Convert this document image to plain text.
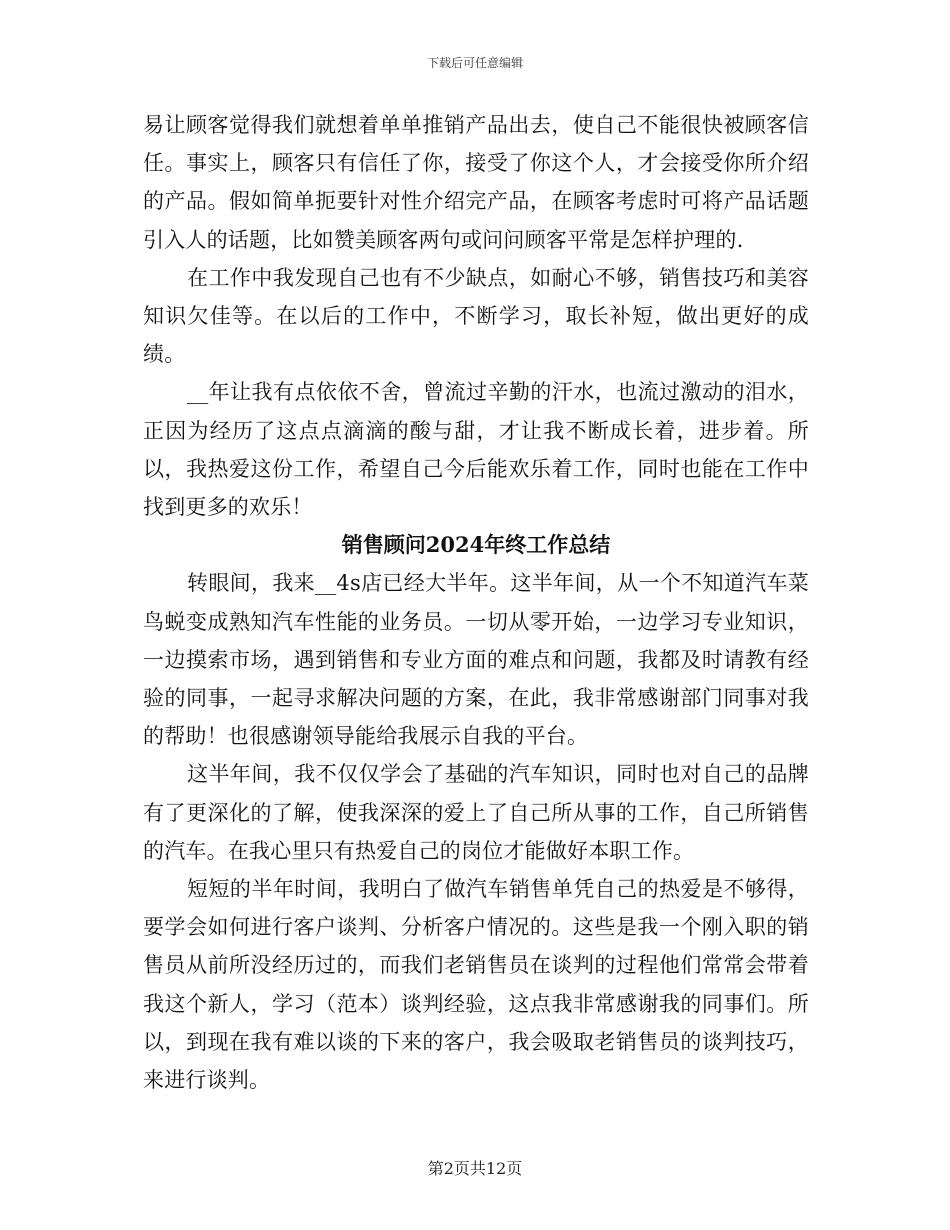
下载后可任意编辑

易让顾客觉得我们就想着单单推销产品出去，使自己不能很快被顾客信任。事实上，顾客只有信任了你，接受了你这个人，才会接受你所介绍的产品。假如简单扼要针对性介绍完产品，在顾客考虑时可将产品话题引入人的话题，比如赞美顾客两句或问问顾客平常是怎样护理的.

在工作中我发现自己也有不少缺点，如耐心不够，销售技巧和美容知识欠佳等。在以后的工作中，不断学习，取长补短，做出更好的成绩。

__年让我有点依依不舍，曾流过辛勤的汗水，也流过激动的泪水，正因为经历了这点点滴滴的酸与甜，才让我不断成长着，进步着。所以，我热爱这份工作，希望自己今后能欢乐着工作，同时也能在工作中找到更多的欢乐！

销售顾问2024年终工作总结

转眼间，我来__4s店已经大半年。这半年间，从一个不知道汽车菜鸟蜕变成熟知汽车性能的业务员。一切从零开始，一边学习专业知识，一边摸索市场，遇到销售和专业方面的难点和问题，我都及时请教有经验的同事，一起寻求解决问题的方案，在此，我非常感谢部门同事对我的帮助！也很感谢领导能给我展示自我的平台。

这半年间，我不仅仅学会了基础的汽车知识，同时也对自己的品牌有了更深化的了解，使我深深的爱上了自己所从事的工作，自己所销售的汽车。在我心里只有热爱自己的岗位才能做好本职工作。

短短的半年时间，我明白了做汽车销售单凭自己的热爱是不够得，要学会如何进行客户谈判、分析客户情况的。这些是我一个刚入职的销售员从前所没经历过的，而我们老销售员在谈判的过程他们常常会带着我这个新人，学习（范本）谈判经验，这点我非常感谢我的同事们。所以，到现在我有难以谈的下来的客户，我会吸取老销售员的谈判技巧，来进行谈判。

第2页共12页
